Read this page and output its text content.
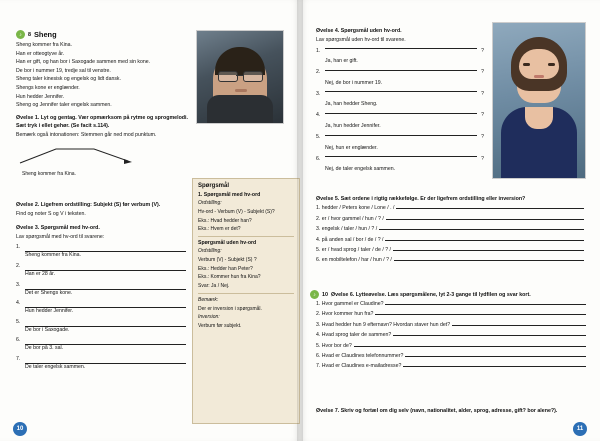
♪	8 Sheng

Sheng kommer fra Kina.

Han er otteogtyve år.

Han er gift, og han bor i Saxogade sammen med sin kone.

De bor i nummer 19, tredje sal til venstre.

Sheng taler kinesisk og engelsk og lidt dansk.

Shengs kone er englænder.

Hun hedder Jennifer.

Sheng og Jennifer taler engelsk sammen.

Øvelse 1. Lyt og gentag. Vær opmærksom på rytme og sprogmelodi. Sæt tryk i ellet gehør. (Se facit s.114).
Bemærk også intonationen: Stemmen går ned mod punktum.
Sheng kommer fra Kina.
Øvelse 2. Ligefrem ordstilling: Subjekt (S) før verbum (V).
Find og noter S og V i teksten.
Øvelse 3. Spørgsmål med hv-ord.
Lav spørgsmål med hv-ord til svarene:
1.
Sheng kommer fra Kina.
2.
Han er 28 år.
3.
Det er Shengs kone.
4.
Hun hedder Jennifer.
5.
De bor i Saxogade.
6.
De bor på 3. sal.
7.
De taler engelsk sammen.
Spørgsmål
1. Spørgsmål med hv-ord

Ordstilling:

Hv-ord - Verbum (V) - Subjekt (S)?

Eks.: Hvad hedder han?

Eks.: Hvem er det?

Spørgsmål uden hv-ord

Ordstilling:

Verbum (V) - Subjekt (S) ?

Eks.: Hedder han Peter?

Eks.: Kommer hun fra Kina?

Svar: Ja / Nej.

Bemærk:

Der er inversion i spørgsmål.

Inversion:

Verbum før subjekt.

10
Øvelse 4. Spørgsmål uden hv-ord.
Lav spørgsmål uden hv-ord til svarene.
1.	?
Ja, han er gift.
2.	?
Nej, de bor i nummer 19.
3.	?
Ja, han hedder Sheng.
4.	?
Ja, hun hedder Jennifer.
5.	?
Nej, hun er englænder.
6.	?
Nej, de taler engelsk sammen.
Øvelse 5. Sæt ordene i rigtig rækkefølge. Er der ligefrem ordstilling eller inversion?
1. hedder / Peters kone / Lone / . /
2. er / hvor gammel / hun / ? /
3. engelsk / taler / hun / ? /
4. på anden sal / bor / de / ? /
5. er / hvad sprog / taler / de / ? /
6. en mobiltelefon / har / hun / ? /
♪	10 Øvelse 6. Lytteøvelse. Læs spørgsmålene, lyt 2-3 gange til lydfilen og svar kort.
1. Hvor gammel er Claudine?
2. Hvor kommer hun fra?
3. Hvad hedder hun 9 efternavn? Hvordan staver hun det?
4. Hvad sprog taler de sammen?
5. Hvor bor de?
6. Hvad er Claudines telefonnummer?
7. Hvad er Claudines e-mailadresse?
Øvelse 7. Skriv og fortæl om dig selv (navn, nationalitet, alder, sprog, adresse, gift? bor alene?).
11
